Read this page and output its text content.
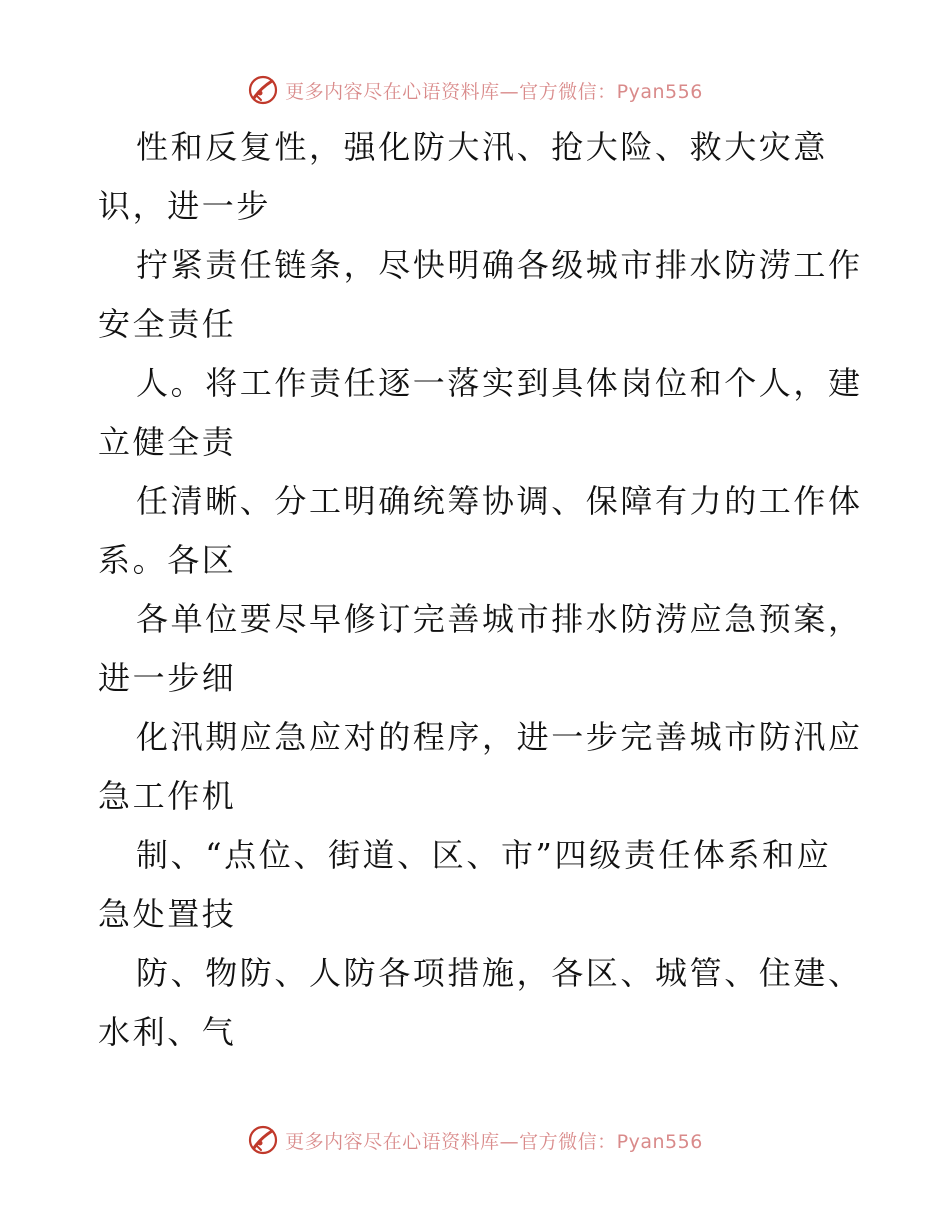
更多内容尽在心语资料库—官方微信：Pyan556
性和反复性，强化防大汛、抢大险、救大灾意
识，进一步
拧紧责任链条，尽快明确各级城市排水防涝工作
安全责任
人。将工作责任逐一落实到具体岗位和个人，建
立健全责
任清晰、分工明确统筹协调、保障有力的工作体
系。各区
各单位要尽早修订完善城市排水防涝应急预案，
进一步细
化汛期应急应对的程序，进一步完善城市防汛应
急工作机
制、“点位、街道、区、市”四级责任体系和应
急处置技
防、物防、人防各项措施，各区、城管、住建、
水利、气
更多内容尽在心语资料库—官方微信：Pyan556
